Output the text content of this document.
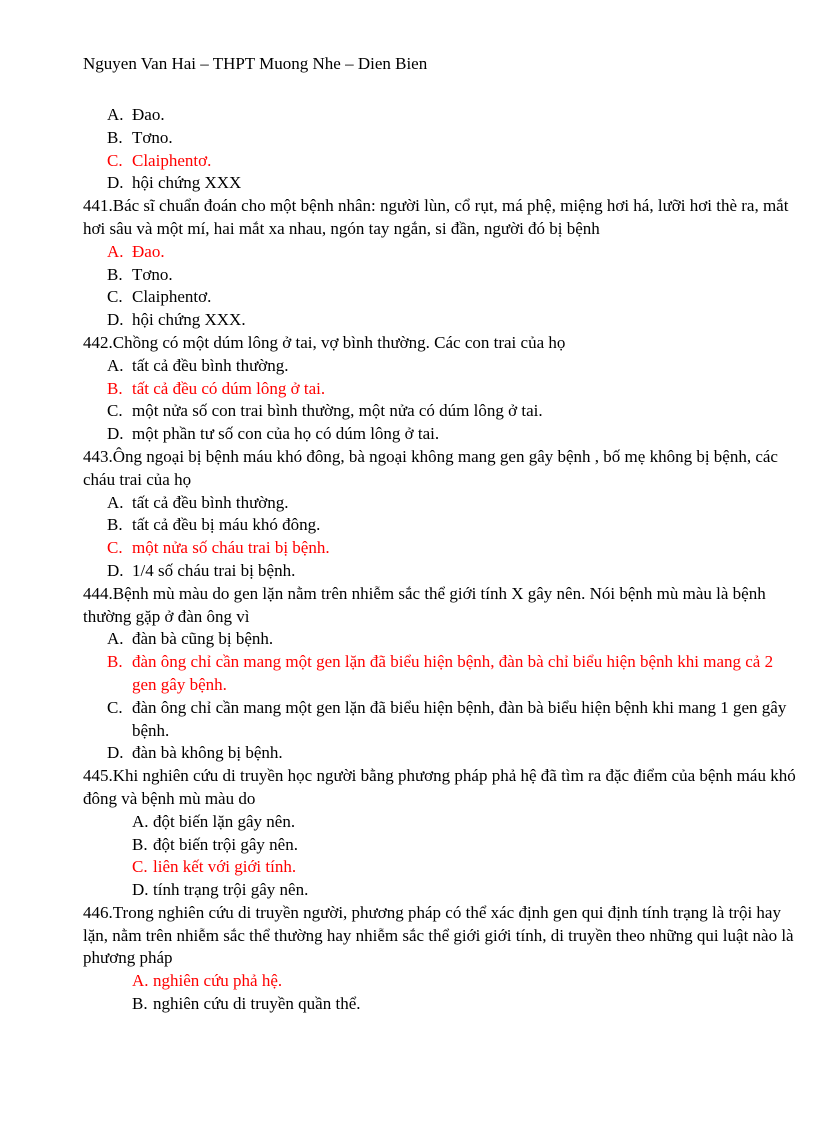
Nguyen Van Hai – THPT Muong Nhe – Dien Bien
A. Đao.
B. Tơno.
C. Claiphentơ.
D. hội chứng XXX
441.Bác sĩ chuẩn đoán cho một bệnh nhân: người lùn, cổ rụt, má phệ, miệng hơi há, lưỡi hơi thè ra, mắt hơi sâu và một mí, hai mắt xa nhau, ngón tay ngắn, si đần, người đó bị bệnh
A. Đao.
B. Tơno.
C. Claiphentơ.
D. hội chứng XXX.
442.Chồng có một dúm lông ở tai, vợ bình thường. Các con trai của họ
A. tất cả đều bình thường.
B. tất cả đều có dúm lông ở tai.
C. một nửa số con trai bình thường, một nửa có dúm lông ở tai.
D. một phần tư số con của họ có dúm lông ở tai.
443.Ông ngoại bị bệnh máu khó đông, bà ngoại không mang gen gây bệnh , bố mẹ không bị bệnh, các cháu trai của họ
A. tất cả đều bình thường.
B. tất cả đều bị máu khó đông.
C. một nửa số cháu trai bị bệnh.
D. 1/4 số cháu trai bị bệnh.
444.Bệnh mù màu do gen lặn nằm trên nhiễm sắc thể giới tính X gây nên. Nói bệnh mù màu là bệnh thường gặp ở đàn ông vì
A. đàn bà cũng bị bệnh.
B. đàn ông chỉ cần mang một gen lặn đã biểu hiện bệnh, đàn bà chỉ biểu hiện bệnh khi mang cả 2 gen gây bệnh.
C. đàn ông chỉ cần mang một gen lặn đã biểu hiện bệnh, đàn bà biểu hiện bệnh khi mang 1 gen gây bệnh.
D. đàn bà không bị bệnh.
445.Khi nghiên cứu di truyền học người bằng phương pháp phả hệ đã tìm ra đặc điểm của bệnh máu khó đông và bệnh mù màu do
A. đột biến lặn gây nên.
B. đột biến trội gây nên.
C. liên kết với giới tính.
D. tính trạng trội gây nên.
446.Trong nghiên cứu di truyền người, phương pháp có thể xác định gen qui định tính trạng là trội hay lặn, nằm trên nhiễm sắc thể thường hay nhiễm sắc thể giới giới tính, di truyền theo những qui luật nào là phương pháp
A. nghiên cứu phả hệ.
B. nghiên cứu di truyền quần thể.
